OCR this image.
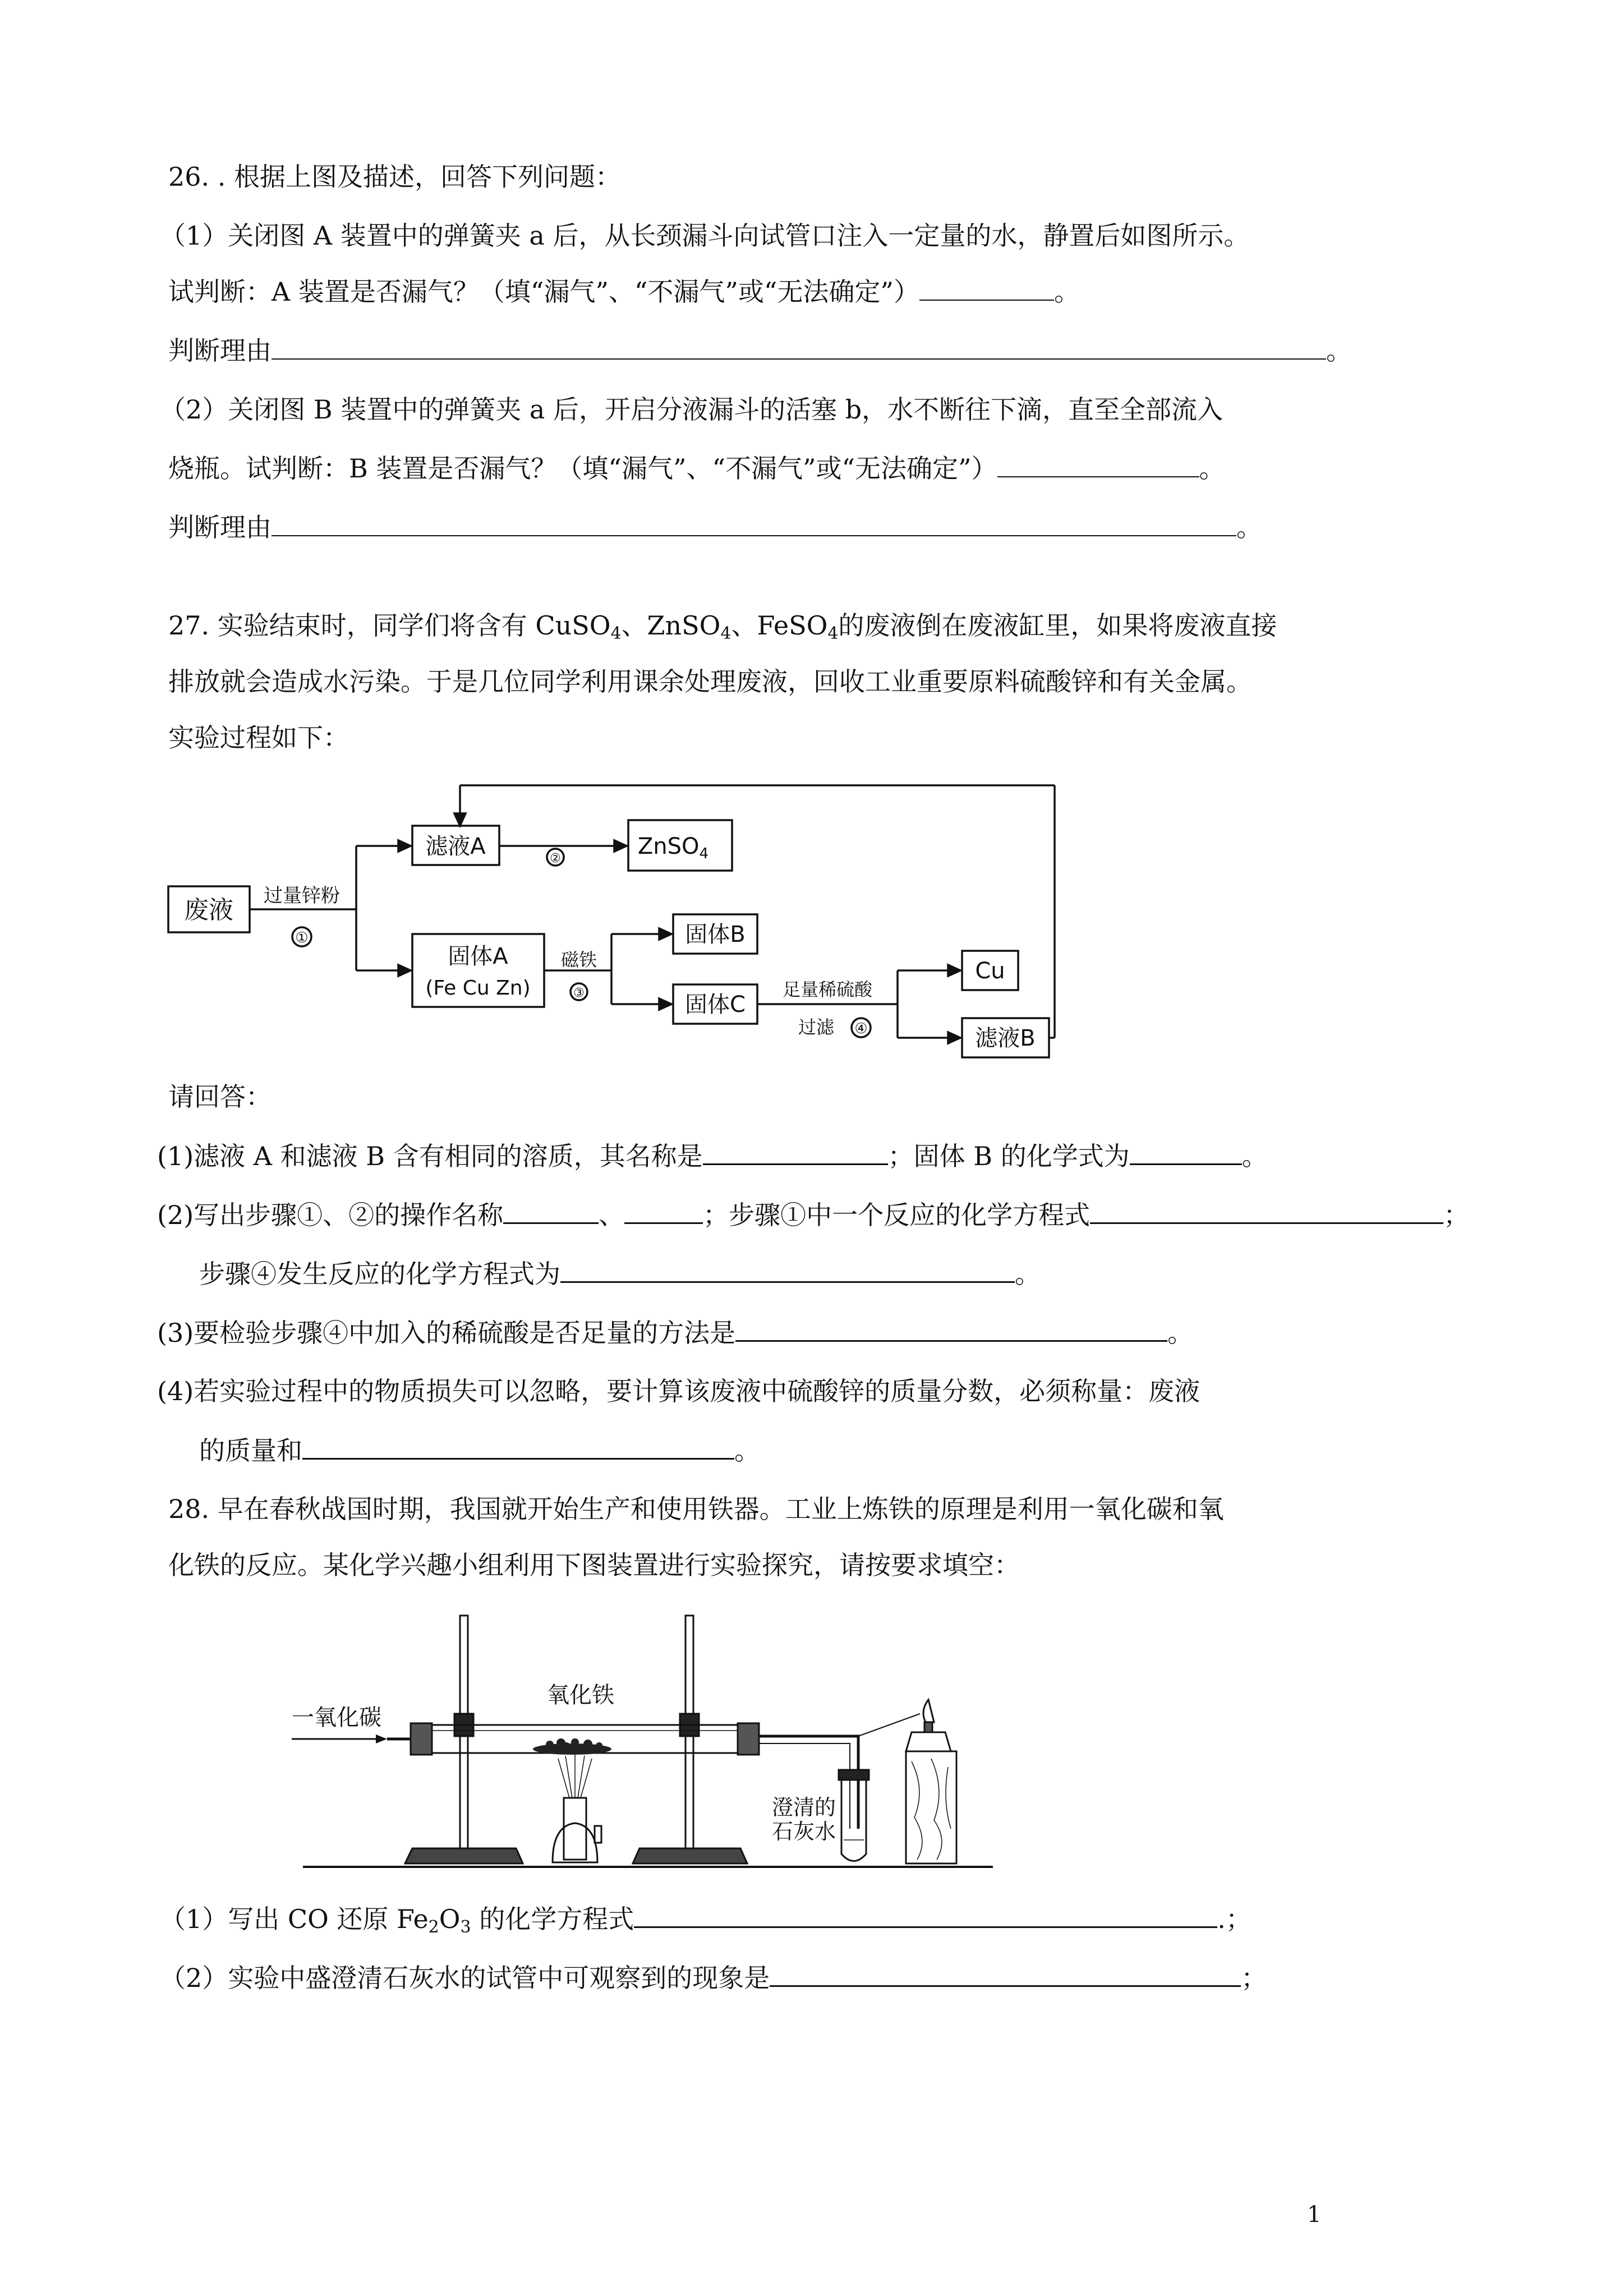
26. . 根据上图及描述，回答下列问题：
（1）关闭图 A 装置中的弹簧夹 a 后，从长颈漏斗向试管口注入一定量的水，静置后如图所示。
试判断：A 装置是否漏气？（填“漏气”、“不漏气”或“无法确定”）	。
判断理由	。
（2）关闭图 B 装置中的弹簧夹 a 后，开启分液漏斗的活塞 b，水不断往下滴，直至全部流入
烧瓶。试判断：B 装置是否漏气？（填“漏气”、“不漏气”或“无法确定”）	。
判断理由	。
27. 实验结束时，同学们将含有 CuSO$_4$、ZnSO$_4$、FeSO$_4$的废液倒在废液缸里，如果将废液直接
排放就会造成水污染。于是几位同学利用课余处理废液，回收工业重要原料硫酸锌和有关金属。
实验过程如下：
废液 过量锌粉
①
滤液A	②	ZnSO$_4$
固体A
(Fe Cu Zn)
磁铁
③
固体B
固体C
足量稀硫酸
过滤 ④
Cu
滤液B
请回答：
(1)滤液 A 和滤液 B 含有相同的溶质，其名称是	；固体 B 的化学式为	。
(2)写出步骤①、②的操作名称	、	；步骤①中一个反应的化学方程式	；
步骤④发生反应的化学方程式为	。
(3)要检验步骤④中加入的稀硫酸是否足量的方法是	。
(4)若实验过程中的物质损失可以忽略，要计算该废液中硫酸锌的质量分数，必须称量：废液
的质量和	。
28. 早在春秋战国时期，我国就开始生产和使用铁器。工业上炼铁的原理是利用一氧化碳和氧
化铁的反应。某化学兴趣小组利用下图装置进行实验探究，请按要求填空：
一氧化碳
氧化铁
澄清的
石灰水
（1）写出 CO 还原 $Fe_2O_3$ 的化学方程式	.；
（2）实验中盛澄清石灰水的试管中可观察到的现象是	；
1
